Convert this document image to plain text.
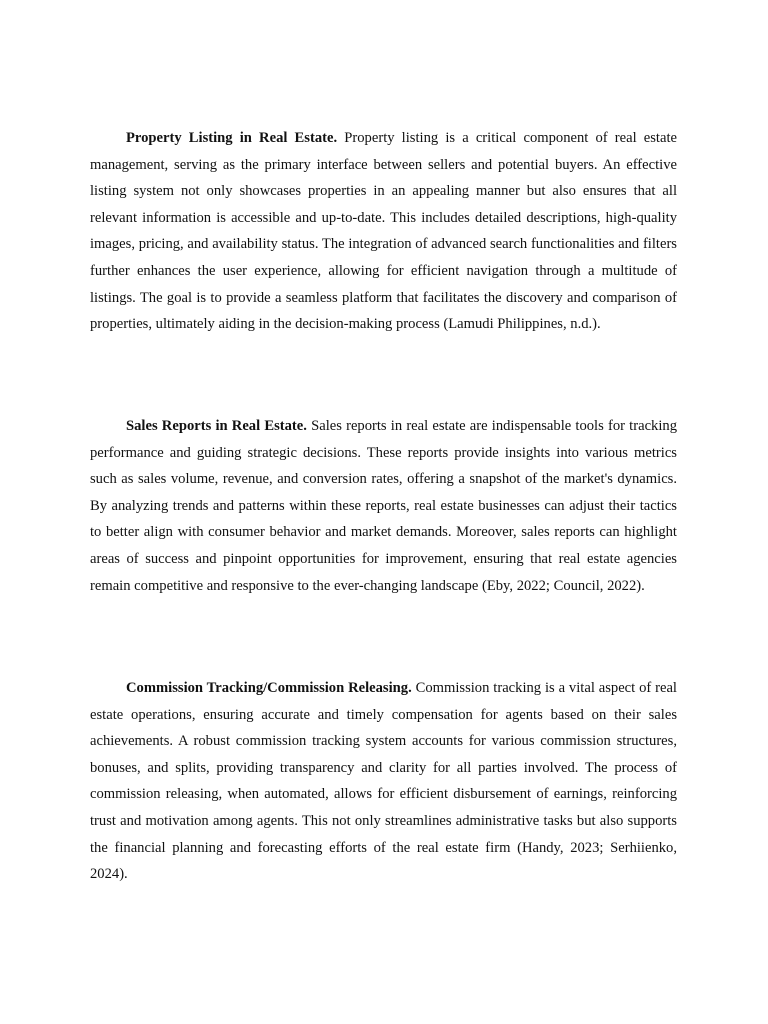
Property Listing in Real Estate. Property listing is a critical component of real estate management, serving as the primary interface between sellers and potential buyers. An effective listing system not only showcases properties in an appealing manner but also ensures that all relevant information is accessible and up-to-date. This includes detailed descriptions, high-quality images, pricing, and availability status. The integration of advanced search functionalities and filters further enhances the user experience, allowing for efficient navigation through a multitude of listings. The goal is to provide a seamless platform that facilitates the discovery and comparison of properties, ultimately aiding in the decision-making process (Lamudi Philippines, n.d.).

Sales Reports in Real Estate. Sales reports in real estate are indispensable tools for tracking performance and guiding strategic decisions. These reports provide insights into various metrics such as sales volume, revenue, and conversion rates, offering a snapshot of the market's dynamics. By analyzing trends and patterns within these reports, real estate businesses can adjust their tactics to better align with consumer behavior and market demands. Moreover, sales reports can highlight areas of success and pinpoint opportunities for improvement, ensuring that real estate agencies remain competitive and responsive to the ever-changing landscape (Eby, 2022; Council, 2022).

Commission Tracking/Commission Releasing. Commission tracking is a vital aspect of real estate operations, ensuring accurate and timely compensation for agents based on their sales achievements. A robust commission tracking system accounts for various commission structures, bonuses, and splits, providing transparency and clarity for all parties involved. The process of commission releasing, when automated, allows for efficient disbursement of earnings, reinforcing trust and motivation among agents. This not only streamlines administrative tasks but also supports the financial planning and forecasting efforts of the real estate firm (Handy, 2023; Serhiienko, 2024).
